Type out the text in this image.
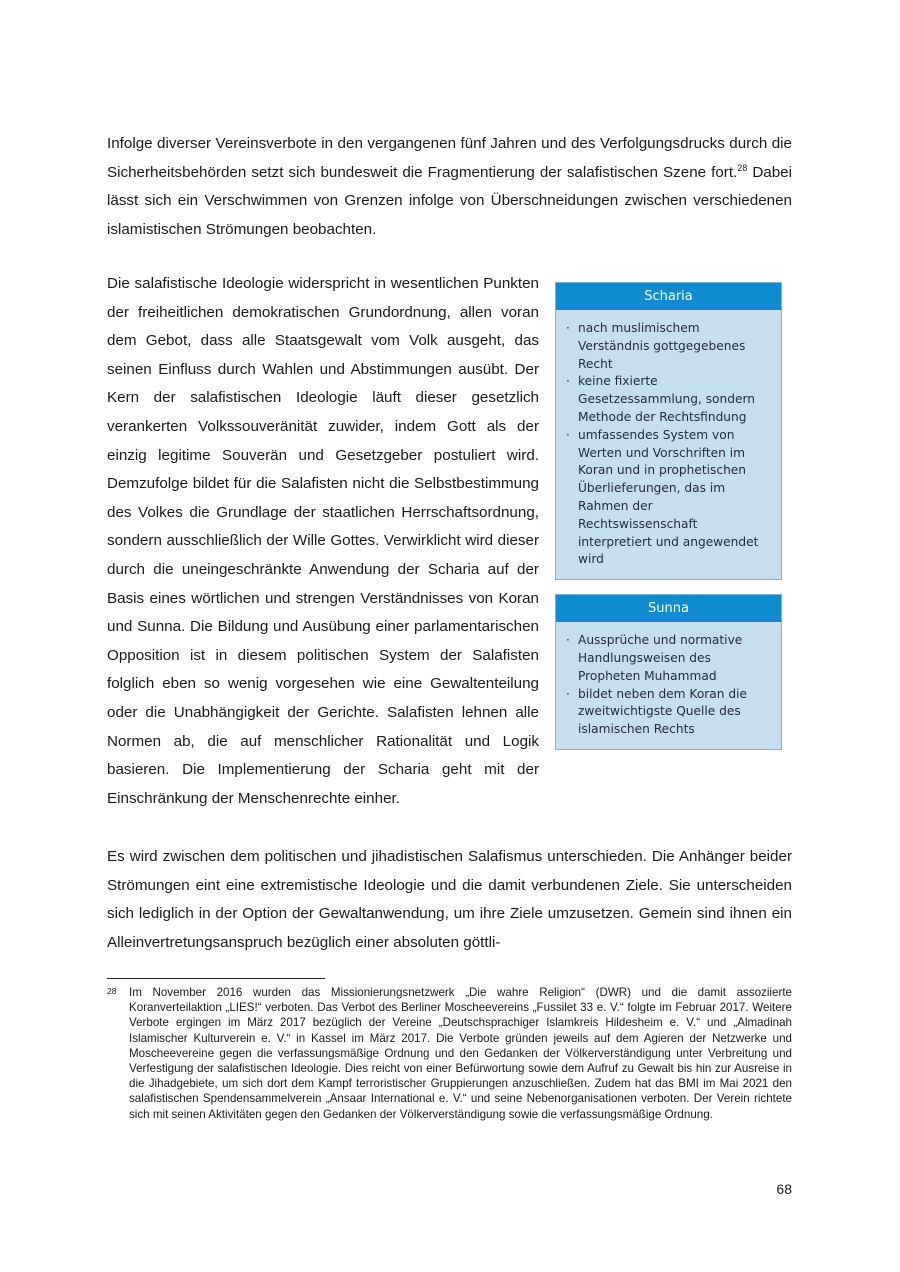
Infolge diverser Vereinsverbote in den vergangenen fünf Jahren und des Verfolgungsdrucks durch die Sicherheitsbehörden setzt sich bundesweit die Fragmentierung der salafistischen Szene fort.$^{28}$ Dabei lässt sich ein Verschwimmen von Grenzen infolge von Überschneidungen zwischen verschiedenen islamistischen Strömungen beobachten.

Scharia
· nach muslimischem Verständnis gottgegebenes Recht
· keine fixierte Gesetzessammlung, sondern Methode der Rechtsfindung
· umfassendes System von Werten und Vorschriften im Koran und in prophetischen Überlieferungen, das im Rahmen der Rechtswissenschaft interpretiert und angewendet wird
Sunna
· Aussprüche und normative Handlungsweisen des Propheten Muhammad
· bildet neben dem Koran die zweitwichtigste Quelle des islamischen Rechts
Die salafistische Ideologie widerspricht in wesentlichen Punkten der freiheitlichen demokratischen Grundordnung, allen voran dem Gebot, dass alle Staatsgewalt vom Volk ausgeht, das seinen Einfluss durch Wahlen und Abstimmungen ausübt. Der Kern der salafistischen Ideologie läuft dieser gesetzlich verankerten Volkssouveränität zuwider, indem Gott als der einzig legitime Souverän und Gesetzgeber postuliert wird. Demzufolge bildet für die Salafisten nicht die Selbstbestimmung des Volkes die Grundlage der staatlichen Herrschaftsordnung, sondern ausschließlich der Wille Gottes. Verwirklicht wird dieser durch die uneingeschränkte Anwendung der Scharia auf der Basis eines wörtlichen und strengen Verständnisses von Koran und Sunna. Die Bildung und Ausübung einer parlamentarischen Opposition ist in diesem politischen System der Salafisten folglich eben so wenig vorgesehen wie eine Gewaltenteilung oder die Unabhängigkeit der Gerichte. Salafisten lehnen alle Normen ab, die auf menschlicher Rationalität und Logik basieren. Die Implementierung der Scharia geht mit der Einschränkung der Menschenrechte einher.

Es wird zwischen dem politischen und jihadistischen Salafismus unterschieden. Die Anhänger beider Strömungen eint eine extremistische Ideologie und die damit verbundenen Ziele. Sie unterscheiden sich lediglich in der Option der Gewaltanwendung, um ihre Ziele umzusetzen. Gemein sind ihnen ein Alleinvertretungsanspruch bezüglich einer absoluten göttli-

28	Im November 2016 wurden das Missionierungsnetzwerk „Die wahre Religion“ (DWR) und die damit assoziierte Koranverteilaktion „LIES!“ verboten. Das Verbot des Berliner Moscheevereins „Fussilet 33 e. V.“ folgte im Februar 2017. Weitere Verbote ergingen im März 2017 bezüglich der Vereine „Deutschsprachiger Islamkreis Hildesheim e. V.“ und „Almadinah Islamischer Kulturverein e. V.“ in Kassel im März 2017. Die Verbote gründen jeweils auf dem Agieren der Netzwerke und Moscheevereine gegen die verfassungsmäßige Ordnung und den Gedanken der Völkerverständigung unter Verbreitung und Verfestigung der salafistischen Ideologie. Dies reicht von einer Befürwortung sowie dem Aufruf zu Gewalt bis hin zur Ausreise in die Jihadgebiete, um sich dort dem Kampf terroristischer Gruppierungen anzuschließen. Zudem hat das BMI im Mai 2021 den salafistischen Spendensammelverein „Ansaar International e. V.“ und seine Nebenorganisationen verboten. Der Verein richtete sich mit seinen Aktivitäten gegen den Gedanken der Völkerverständigung sowie die verfassungsmäßige Ordnung.
68
